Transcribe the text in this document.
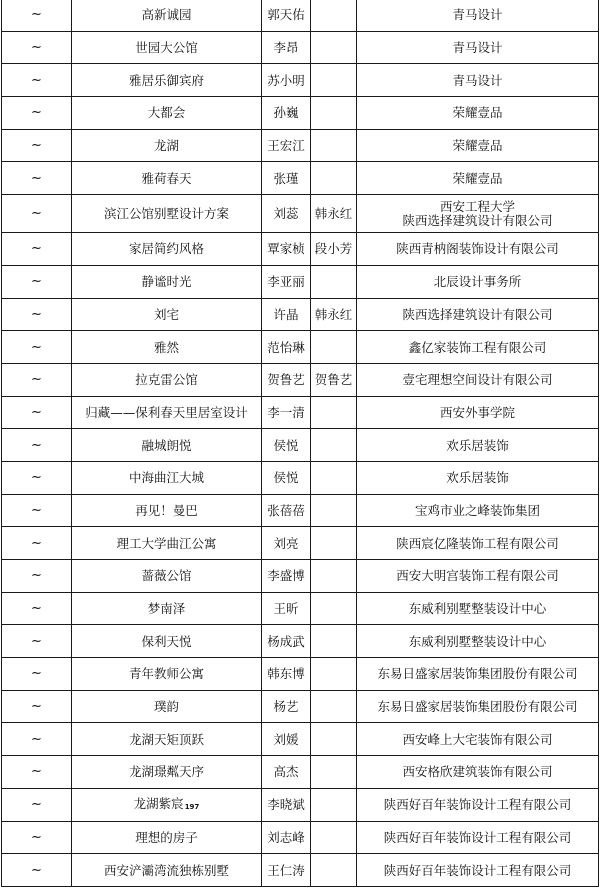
~	高新诚园	郭天佑		青马设计

~	世园大公馆	李昂		青马设计

~	雅居乐御宾府	苏小明		青马设计

~	大都会	孙巍		荣耀壹品

~	龙湖	王宏江		荣耀壹品

~	雅荷春天	张瑾		荣耀壹品

~	滨江公馆别墅设计方案	刘蕊	韩永红	西安工程大学
陕西选择建筑设计有限公司

~	家居简约风格	覃家桢	段小芳	陕西青枘阁装饰设计有限公司

~	静谧时光	李亚丽		北辰设计事务所

~	刘宅	许晶	韩永红	陕西选择建筑设计有限公司

~	雅然	范怡琳		鑫亿家装饰工程有限公司

~	拉克雷公馆	贺鲁艺	贺鲁艺	壹宅理想空间设计有限公司

~	归藏——保利春天里居室设计	李一清		西安外事学院

~	融城朗悦	侯悦		欢乐居装饰

~	中海曲江大城	侯悦		欢乐居装饰

~	再见！曼巴	张蓓蓓		宝鸡市业之峰装饰集团

~	理工大学曲江公寓	刘亮		陕西宸亿隆装饰工程有限公司

~	蔷薇公馆	李盛博		西安大明宫装饰工程有限公司

~	梦南泽	王昕		东威利别墅整装设计中心

~	保利天悦	杨成武		东威利别墅整装设计中心

~	青年教师公寓	韩东博		东易日盛家居装饰集团股份有限公司

~	璞韵	杨艺		东易日盛家居装饰集团股份有限公司

~	龙湖天矩顶跃	刘媛		西安峰上大宅装饰有限公司

~	龙湖璟粼天序	高杰		西安格欣建筑装饰有限公司

~	龙湖紫宸$_{197}$	李晓斌		陕西好百年装饰设计工程有限公司

~	理想的房子	刘志峰		陕西好百年装饰设计工程有限公司

~	西安浐灞湾流独栋别墅	王仁涛		陕西好百年装饰设计工程有限公司
